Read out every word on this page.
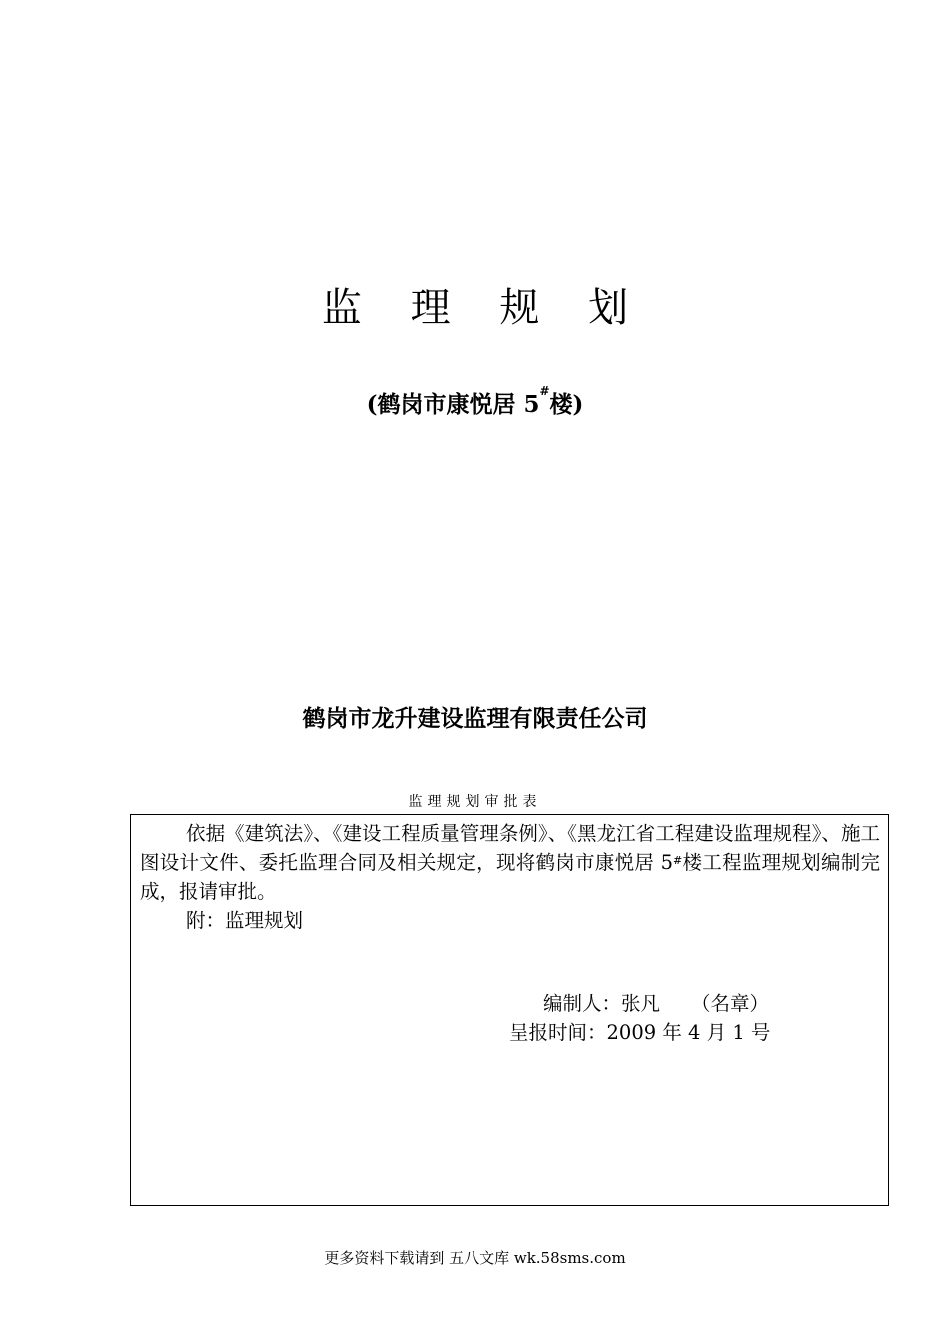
监 理 规 划
(鹤岗市康悦居 5#楼)
鹤岗市龙升建设监理有限责任公司
监理规划审批表
依据《建筑法》、《建设工程质量管理条例》、《黑龙江省工程建设监理规程》、施工图设计文件、委托监理合同及相关规定，现将鹤岗市康悦居 5#楼工程监理规划编制完成，报请审批。
附：监理规划
编制人：张凡     （名章）
呈报时间：2009 年 4 月 1 号
更多资料下载请到 五八文库 wk.58sms.com
